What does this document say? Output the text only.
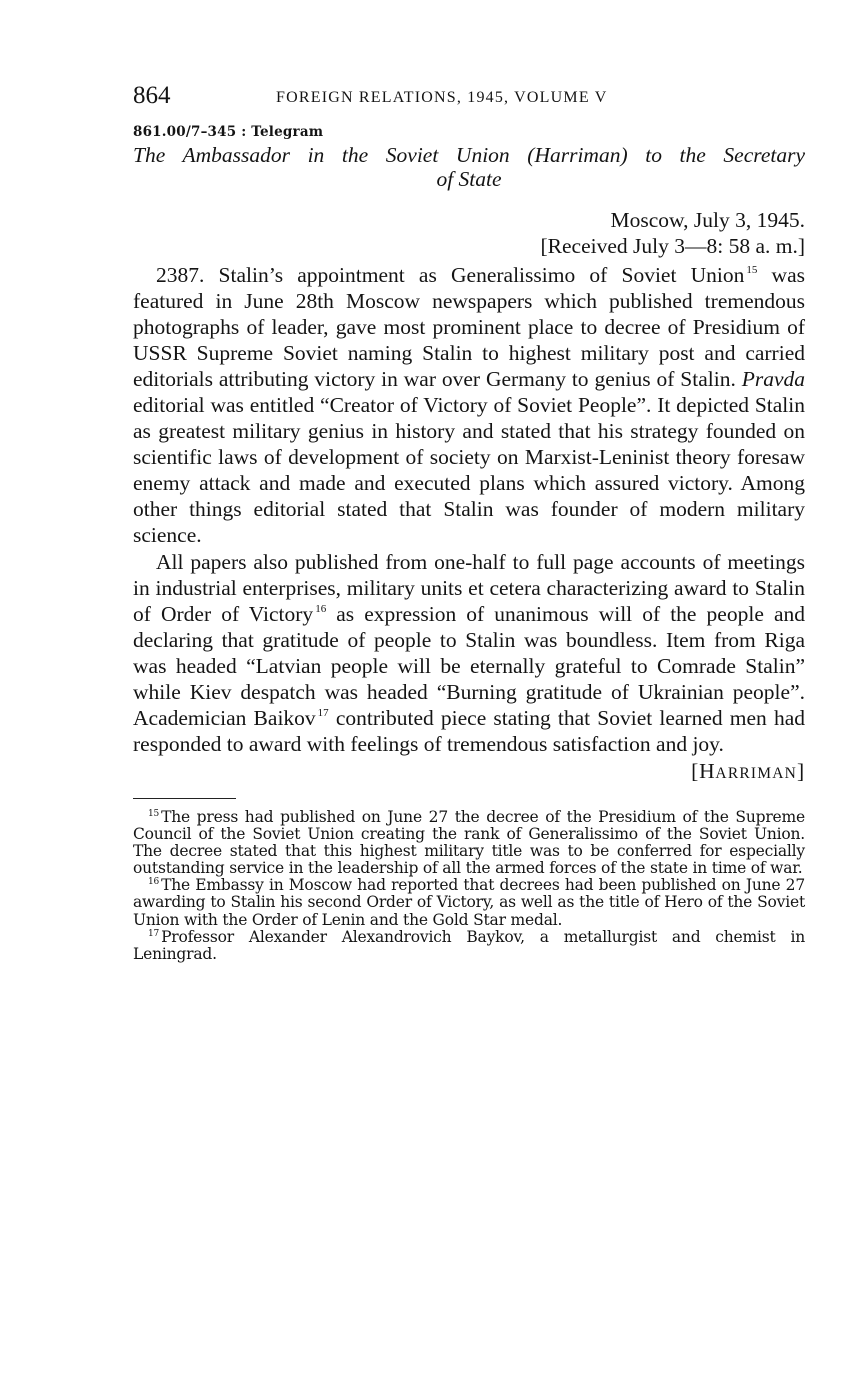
864	FOREIGN RELATIONS, 1945, VOLUME V
861.00/7–345 : Telegram
The Ambassador in the Soviet Union (Harriman) to the Secretary
of State
Moscow, July 3, 1945.
[Received July 3—8: 58 a. m.]

2387. Stalin’s appointment as Generalissimo of Soviet Union $^{15}$ was featured in June 28th Moscow newspapers which published tremendous photographs of leader, gave most prominent place to decree of Presidium of USSR Supreme Soviet naming Stalin to highest military post and carried editorials attributing victory in war over Germany to genius of Stalin. Pravda editorial was entitled “Creator of Victory of Soviet People”. It depicted Stalin as greatest military genius in history and stated that his strategy founded on scientific laws of development of society on Marxist-Leninist theory foresaw enemy attack and made and executed plans which assured victory. Among other things editorial stated that Stalin was founder of modern military science.

All papers also published from one-half to full page accounts of meetings in industrial enterprises, military units et cetera characterizing award to Stalin of Order of Victory $^{16}$ as expression of unanimous will of the people and declaring that gratitude of people to Stalin was boundless. Item from Riga was headed “Latvian people will be eternally grateful to Comrade Stalin” while Kiev despatch was headed “Burning gratitude of Ukrainian people”. Academician Baikov $^{17}$ contributed piece stating that Soviet learned men had responded to award with feelings of tremendous satisfaction and joy.

[HARRIMAN]

$^{15}$ The press had published on June 27 the decree of the Presidium of the Supreme Council of the Soviet Union creating the rank of Generalissimo of the Soviet Union. The decree stated that this highest military title was to be conferred for especially outstanding service in the leadership of all the armed forces of the state in time of war.

$^{16}$ The Embassy in Moscow had reported that decrees had been published on June 27 awarding to Stalin his second Order of Victory, as well as the title of Hero of the Soviet Union with the Order of Lenin and the Gold Star medal.

$^{17}$ Professor Alexander Alexandrovich Baykov, a metallurgist and chemist in Leningrad.
